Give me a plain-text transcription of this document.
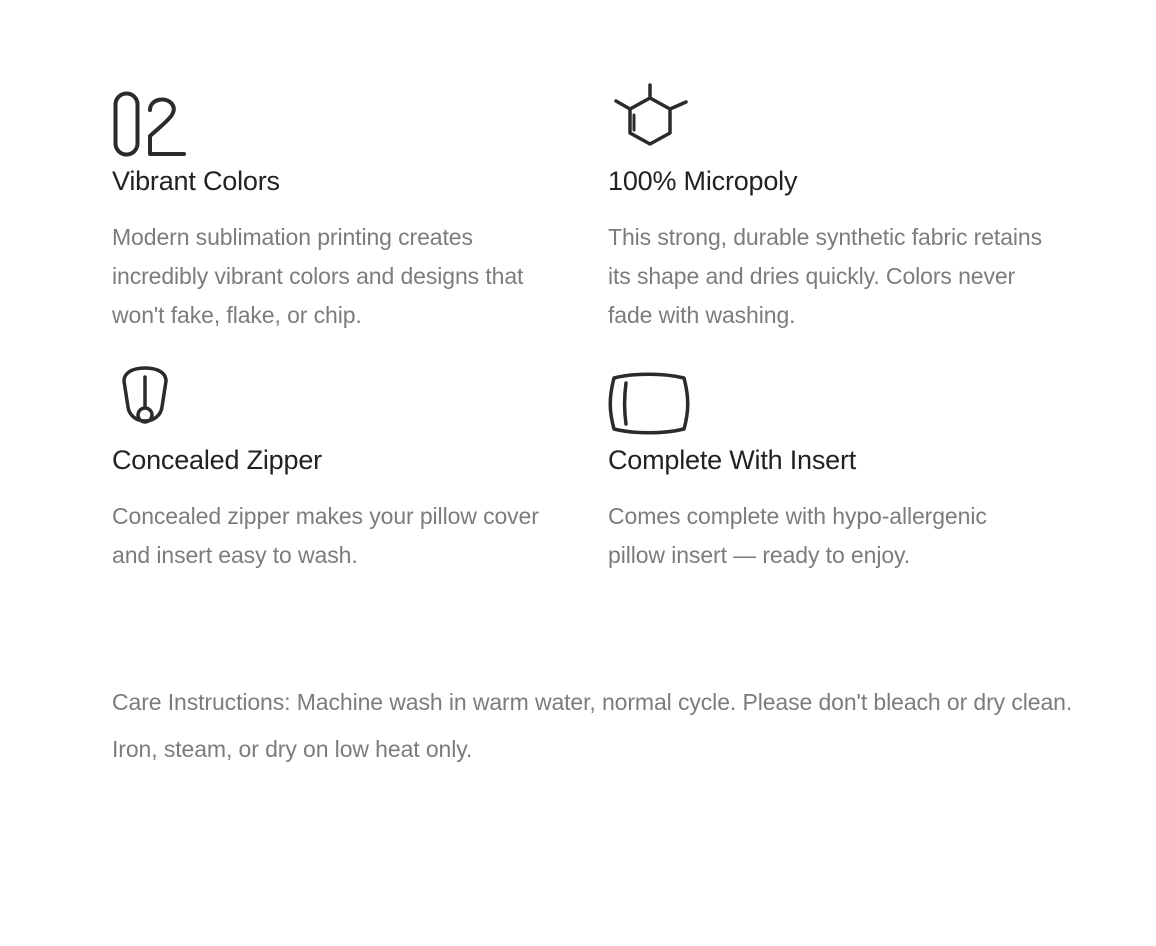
Vibrant Colors

Modern sublimation printing creates incredibly vibrant colors and designs that won't fake, flake, or chip.

100% Micropoly

This strong, durable synthetic fabric retains its shape and dries quickly. Colors never fade with washing.

Concealed Zipper

Concealed zipper makes your pillow cover and insert easy to wash.

Complete With Insert

Comes complete with hypo-allergenic pillow insert — ready to enjoy.

Care Instructions: Machine wash in warm water, normal cycle. Please don't bleach or dry clean. Iron, steam, or dry on low heat only.
